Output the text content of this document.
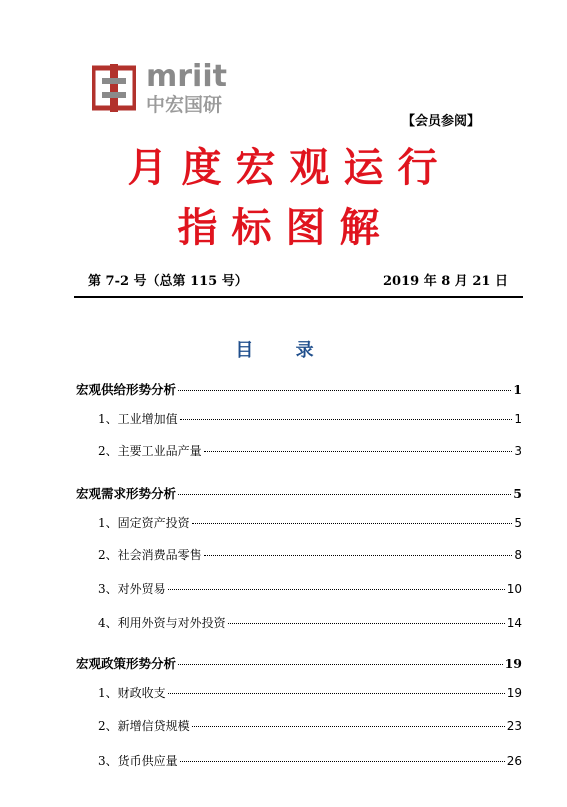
mriit
中宏国研
【会员参阅】
月度宏观运行
指标图解
第 7-2 号（总第 115 号）	2019 年 8 月 21 日
目 录
宏观供给形势分析	1
1、工业增加值	1
2、主要工业品产量	3
宏观需求形势分析	5
1、固定资产投资	5
2、社会消费品零售	8
3、对外贸易	10
4、利用外资与对外投资	14
宏观政策形势分析	19
1、财政收支	19
2、新增信贷规模	23
3、货币供应量	26
